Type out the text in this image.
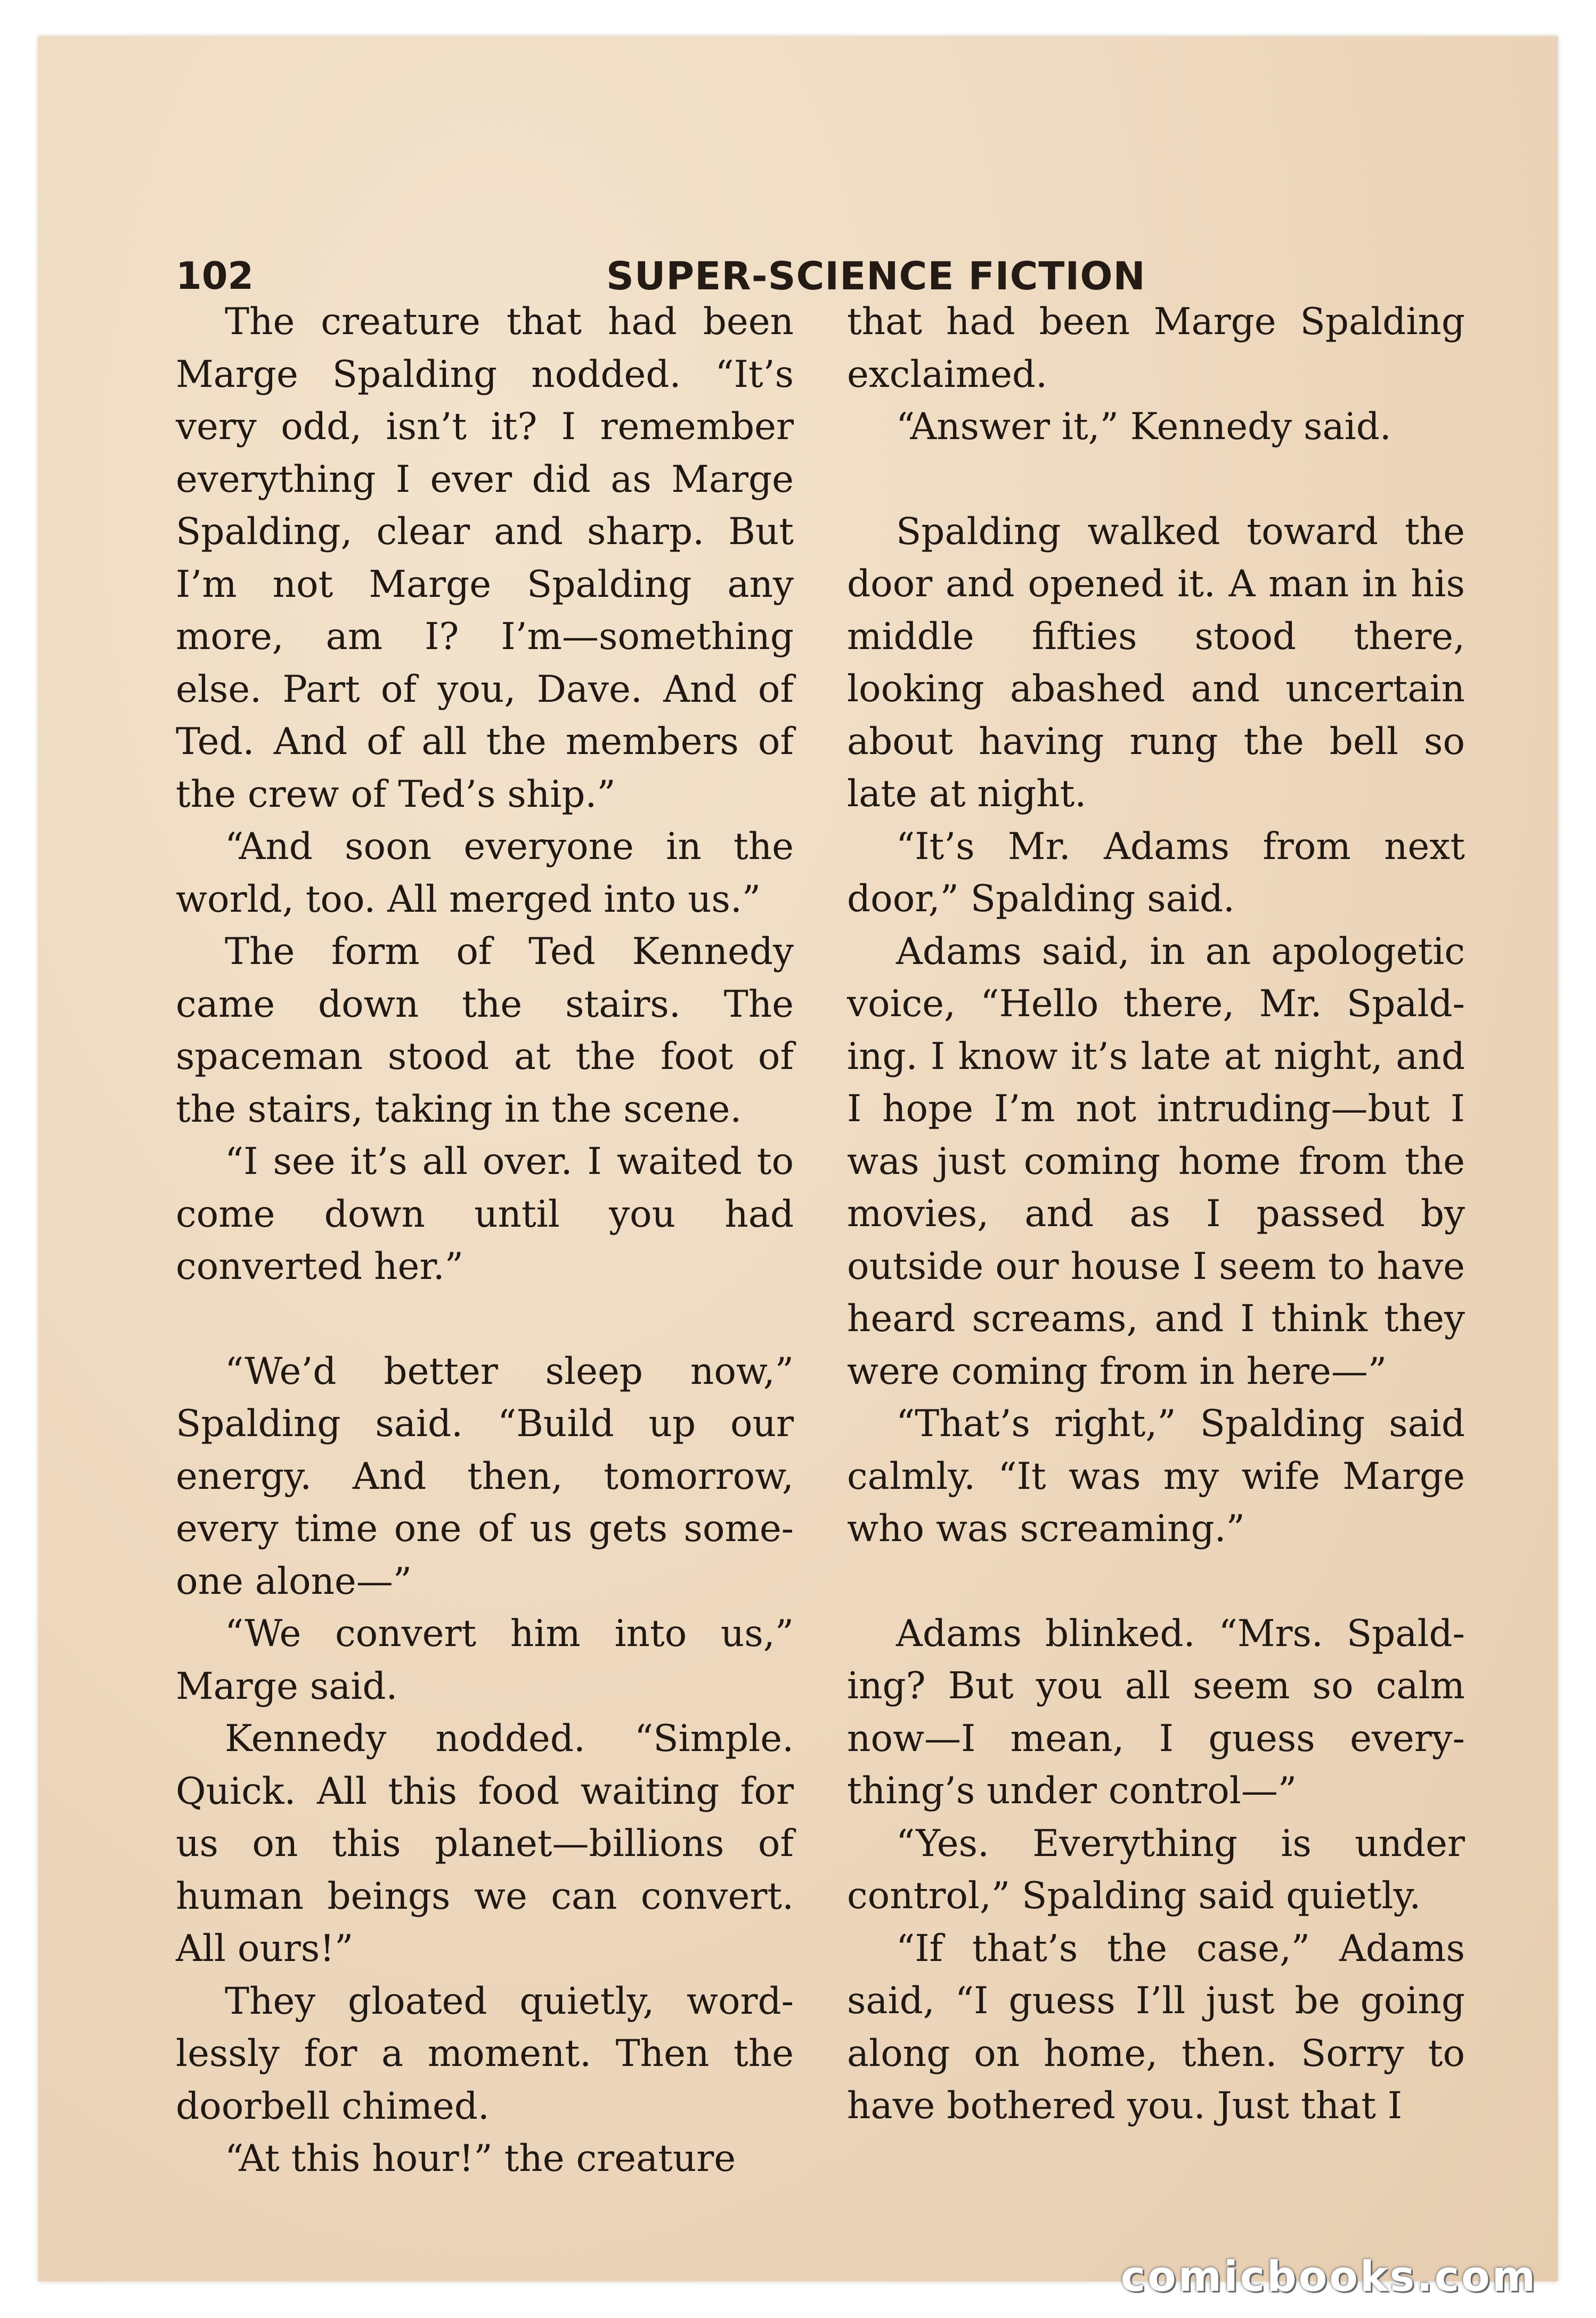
102	SUPER-SCIENCE FICTION

The creature that had been Marge Spalding nodded. “It’s very odd, isn’t it? I remember everything I ever did as Marge Spalding, clear and sharp. But I’m not Marge Spalding any more, am I? I’m—something else. Part of you, Dave. And of Ted. And of all the members of the crew of Ted’s ship.”

“And soon everyone in the world, too. All merged into us.”

The form of Ted Kennedy came down the stairs. The spaceman stood at the foot of the stairs, taking in the scene.

“I see it’s all over. I waited to come down until you had converted her.”

“We’d better sleep now,” Spalding said. “Build up our energy. And then, tomorrow, every time one of us gets some-one alone—”

“We convert him into us,” Marge said.

Kennedy nodded. “Simple. Quick. All this food waiting for us on this planet—billions of human beings we can convert. All ours!”

They gloated quietly, word-lessly for a moment. Then the doorbell chimed.

“At this hour!” the creature

that had been Marge Spalding exclaimed.

“Answer it,” Kennedy said.

Spalding walked toward the door and opened it. A man in his middle fifties stood there, looking abashed and uncertain about having rung the bell so late at night.

“It’s Mr. Adams from next door,” Spalding said.

Adams said, in an apologetic voice, “Hello there, Mr. Spald-ing. I know it’s late at night, and I hope I’m not intruding—but I was just coming home from the movies, and as I passed by outside our house I seem to have heard screams, and I think they were coming from in here—”

“That’s right,” Spalding said calmly. “It was my wife Marge who was screaming.”

Adams blinked. “Mrs. Spald-ing? But you all seem so calm now—I mean, I guess every-thing’s under control—”

“Yes. Everything is under control,” Spalding said quietly.

“If that’s the case,” Adams said, “I guess I’ll just be going along on home, then. Sorry to have bothered you. Just that I

comicbooks.com
